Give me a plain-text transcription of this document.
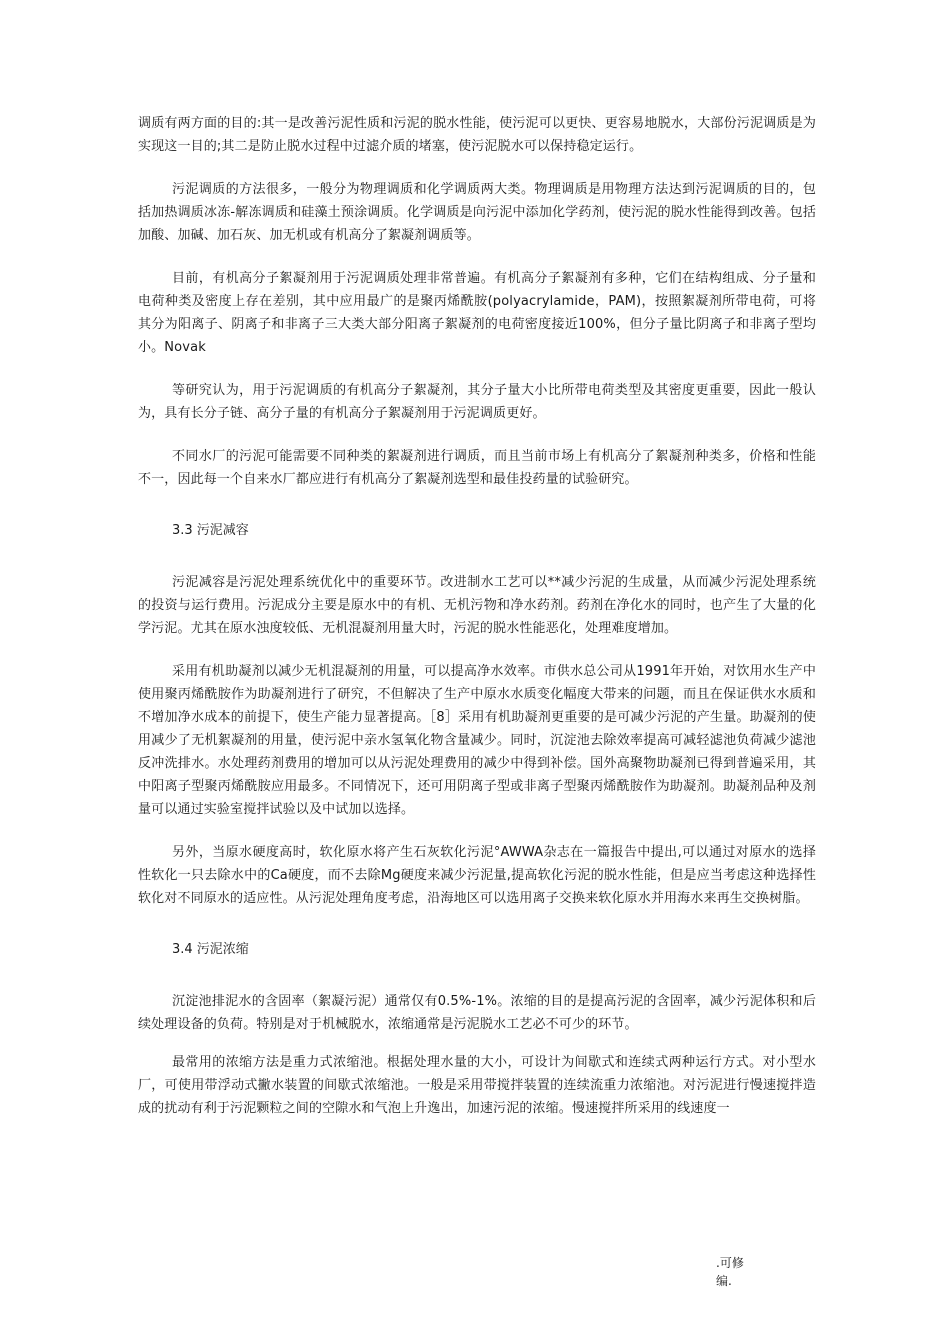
调质有两方面的目的:其一是改善污泥性质和污泥的脱水性能，使污泥可以更快、更容易地脱水，大部份污泥调质是为实现这一目的;其二是防止脱水过程中过滤介质的堵塞，使污泥脱水可以保持稳定运行。

污泥调质的方法很多，一般分为物理调质和化学调质两大类。物理调质是用物理方法达到污泥调质的目的，包括加热调质冰冻-解冻调质和硅藻土预涂调质。化学调质是向污泥中添加化学药剂，使污泥的脱水性能得到改善。包括加酸、加碱、加石灰、加无机或有机高分了絮凝剂调质等。

目前，有机高分子絮凝剂用于污泥调质处理非常普遍。有机高分子絮凝剂有多种，它们在结构组成、分子量和电荷种类及密度上存在差别，其中应用最广的是聚丙烯酰胺(polyacrylamide，PAM)，按照絮凝剂所带电荷，可将其分为阳离子、阴离子和非离子三大类大部分阳离子絮凝剂的电荷密度接近100%，但分子量比阴离子和非离子型均小。Novak

等研究认为，用于污泥调质的有机高分子絮凝剂，其分子量大小比所带电荷类型及其密度更重要，因此一般认为，具有长分子链、高分子量的有机高分子絮凝剂用于污泥调质更好。

不同水厂的污泥可能需要不同种类的絮凝剂进行调质，而且当前市场上有机高分了絮凝剂种类多，价格和性能不一，因此每一个自来水厂都应进行有机高分了絮凝剂选型和最佳投药量的试验研究。

3.3 污泥减容

污泥减容是污泥处理系统优化中的重要环节。改进制水工艺可以**减少污泥的生成量，从而减少污泥处理系统的投资与运行费用。污泥成分主要是原水中的有机、无机污物和净水药剂。药剂在净化水的同时，也产生了大量的化学污泥。尤其在原水浊度较低、无机混凝剂用量大时，污泥的脱水性能恶化，处理难度增加。

采用有机助凝剂以减少无机混凝剂的用量，可以提高净水效率。市供水总公司从1991年开始，对饮用水生产中使用聚丙烯酰胺作为助凝剂进行了研究，不但解决了生产中原水水质变化幅度大带来的问题，而且在保证供水水质和不增加净水成本的前提下，使生产能力显著提高。［8］采用有机助凝剂更重要的是可减少污泥的产生量。助凝剂的使用减少了无机絮凝剂的用量，使污泥中亲水氢氧化物含量减少。同时，沉淀池去除效率提高可减轻滤池负荷减少滤池反冲洗排水。水处理药剂费用的增加可以从污泥处理费用的减少中得到补偿。国外高聚物助凝剂已得到普遍采用，其中阳离子型聚丙烯酰胺应用最多。不同情况下，还可用阴离子型或非离子型聚丙烯酰胺作为助凝剂。助凝剂品种及剂量可以通过实验室搅拌试验以及中试加以选择。

另外，当原水硬度高时，软化原水将产生石灰软化污泥°AWWA杂志在一篇报告中提出,可以通过对原水的选择性软化一只去除水中的Ca硬度，而不去除Mg硬度来减少污泥量,提高软化污泥的脱水性能，但是应当考虑这种选择性软化对不同原水的适应性。从污泥处理角度考虑，沿海地区可以选用离子交换来软化原水并用海水来再生交换树脂。

3.4 污泥浓缩

沉淀池排泥水的含固率（絮凝污泥）通常仅有0.5%-1%。浓缩的目的是提高污泥的含固率，减少污泥体积和后续处理设备的负荷。特别是对于机械脱水，浓缩通常是污泥脱水工艺必不可少的环节。

最常用的浓缩方法是重力式浓缩池。根据处理水量的大小，可设计为间歇式和连续式两种运行方式。对小型水厂，可使用带浮动式撇水装置的间歇式浓缩池。一般是采用带搅拌装置的连续流重力浓缩池。对污泥进行慢速搅拌造成的扰动有利于污泥颗粒之间的空隙水和气泡上升逸出，加速污泥的浓缩。慢速搅拌所采用的线速度一

.可修
编.
